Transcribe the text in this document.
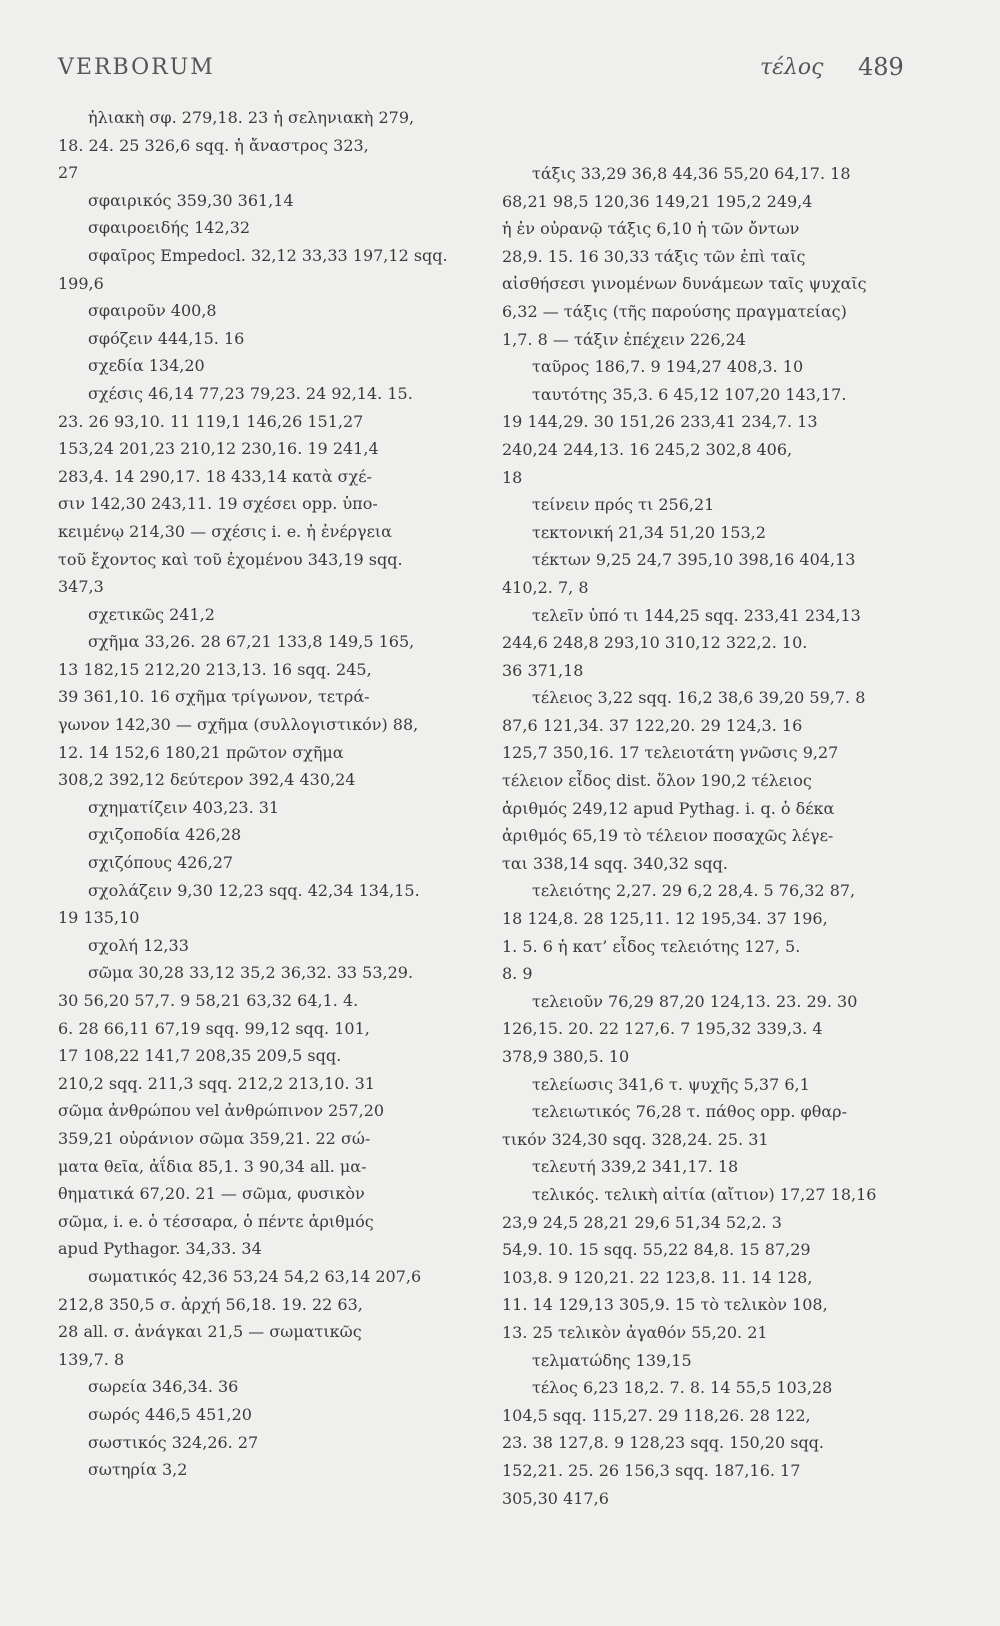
VERBORUM	τέλος 489
ἡλιακὴ σφ. 279,18. 23 ἡ σεληνιακὴ 279,
18. 24. 25 326,6 sqq. ἡ ἄναστρος 323,
27
σφαιρικός 359,30 361,14
σφαιροειδής 142,32
σφαῖρος Empedocl. 32,12 33,33 197,12 sqq.
199,6
σφαιροῦν 400,8
σφόζειν 444,15. 16
σχεδία 134,20
σχέσις 46,14 77,23 79,23. 24 92,14. 15.
23. 26 93,10. 11 119,1 146,26 151,27
153,24 201,23 210,12 230,16. 19 241,4
283,4. 14 290,17. 18 433,14 κατὰ σχέ-
σιν 142,30 243,11. 19 σχέσει opp. ὑπο-
κειμένῳ 214,30 — σχέσις i. e. ἡ ἐνέργεια
τοῦ ἔχοντος καὶ τοῦ ἐχομένου 343,19 sqq.
347,3
σχετικῶς 241,2
σχῆμα 33,26. 28 67,21 133,8 149,5 165,
13 182,15 212,20 213,13. 16 sqq. 245,
39 361,10. 16 σχῆμα τρίγωνον, τετρά-
γωνον 142,30 — σχῆμα (συλλογιστικόν) 88,
12. 14 152,6 180,21 πρῶτον σχῆμα
308,2 392,12 δεύτερον 392,4 430,24
σχηματίζειν 403,23. 31
σχιζοποδία 426,28
σχιζόπους 426,27
σχολάζειν 9,30 12,23 sqq. 42,34 134,15.
19 135,10
σχολή 12,33
σῶμα 30,28 33,12 35,2 36,32. 33 53,29.
30 56,20 57,7. 9 58,21 63,32 64,1. 4.
6. 28 66,11 67,19 sqq. 99,12 sqq. 101,
17 108,22 141,7 208,35 209,5 sqq.
210,2 sqq. 211,3 sqq. 212,2 213,10. 31
σῶμα ἀνθρώπου vel ἀνθρώπινον 257,20
359,21 οὐράνιον σῶμα 359,21. 22 σώ-
ματα θεῖα, ἀΐδια 85,1. 3 90,34 all. μα-
θηματικά 67,20. 21 — σῶμα, φυσικὸν
σῶμα, i. e. ὁ τέσσαρα, ὁ πέντε ἀριθμός
apud Pythagor. 34,33. 34
σωματικός 42,36 53,24 54,2 63,14 207,6
212,8 350,5 σ. ἀρχή 56,18. 19. 22 63,
28 all. σ. ἀνάγκαι 21,5 — σωματικῶς
139,7. 8
σωρεία 346,34. 36
σωρός 446,5 451,20
σωστικός 324,26. 27
σωτηρία 3,2
τάξις 33,29 36,8 44,36 55,20 64,17. 18
68,21 98,5 120,36 149,21 195,2 249,4
ἡ ἐν οὐρανῷ τάξις 6,10 ἡ τῶν ὄντων
28,9. 15. 16 30,33 τάξις τῶν ἐπὶ ταῖς
αἰσθήσεσι γινομένων δυνάμεων ταῖς ψυχαῖς
6,32 — τάξις (τῆς παρούσης πραγματείας)
1,7. 8 — τάξιν ἐπέχειν 226,24
ταῦρος 186,7. 9 194,27 408,3. 10
ταυτότης 35,3. 6 45,12 107,20 143,17.
19 144,29. 30 151,26 233,41 234,7. 13
240,24 244,13. 16 245,2 302,8 406,
18
τείνειν πρός τι 256,21
τεκτονική 21,34 51,20 153,2
τέκτων 9,25 24,7 395,10 398,16 404,13
410,2. 7, 8
τελεῖν ὑπό τι 144,25 sqq. 233,41 234,13
244,6 248,8 293,10 310,12 322,2. 10.
36 371,18
τέλειος 3,22 sqq. 16,2 38,6 39,20 59,7. 8
87,6 121,34. 37 122,20. 29 124,3. 16
125,7 350,16. 17 τελειοτάτη γνῶσις 9,27
τέλειον εἶδος dist. ὅλον 190,2 τέλειος
ἀριθμός 249,12 apud Pythag. i. q. ὁ δέκα
ἀριθμός 65,19 τὸ τέλειον ποσαχῶς λέγε-
ται 338,14 sqq. 340,32 sqq.
τελειότης 2,27. 29 6,2 28,4. 5 76,32 87,
18 124,8. 28 125,11. 12 195,34. 37 196,
1. 5. 6 ἡ κατ’ εἶδος τελειότης 127, 5.
8. 9
τελειοῦν 76,29 87,20 124,13. 23. 29. 30
126,15. 20. 22 127,6. 7 195,32 339,3. 4
378,9 380,5. 10
τελείωσις 341,6 τ. ψυχῆς 5,37 6,1
τελειωτικός 76,28 τ. πάθος opp. φθαρ-
τικόν 324,30 sqq. 328,24. 25. 31
τελευτή 339,2 341,17. 18
τελικός. τελικὴ αἰτία (αἴτιον) 17,27 18,16
23,9 24,5 28,21 29,6 51,34 52,2. 3
54,9. 10. 15 sqq. 55,22 84,8. 15 87,29
103,8. 9 120,21. 22 123,8. 11. 14 128,
11. 14 129,13 305,9. 15 τὸ τελικὸν 108,
13. 25 τελικὸν ἀγαθόν 55,20. 21
τελματώδης 139,15
τέλος 6,23 18,2. 7. 8. 14 55,5 103,28
104,5 sqq. 115,27. 29 118,26. 28 122,
23. 38 127,8. 9 128,23 sqq. 150,20 sqq.
152,21. 25. 26 156,3 sqq. 187,16. 17
305,30 417,6
